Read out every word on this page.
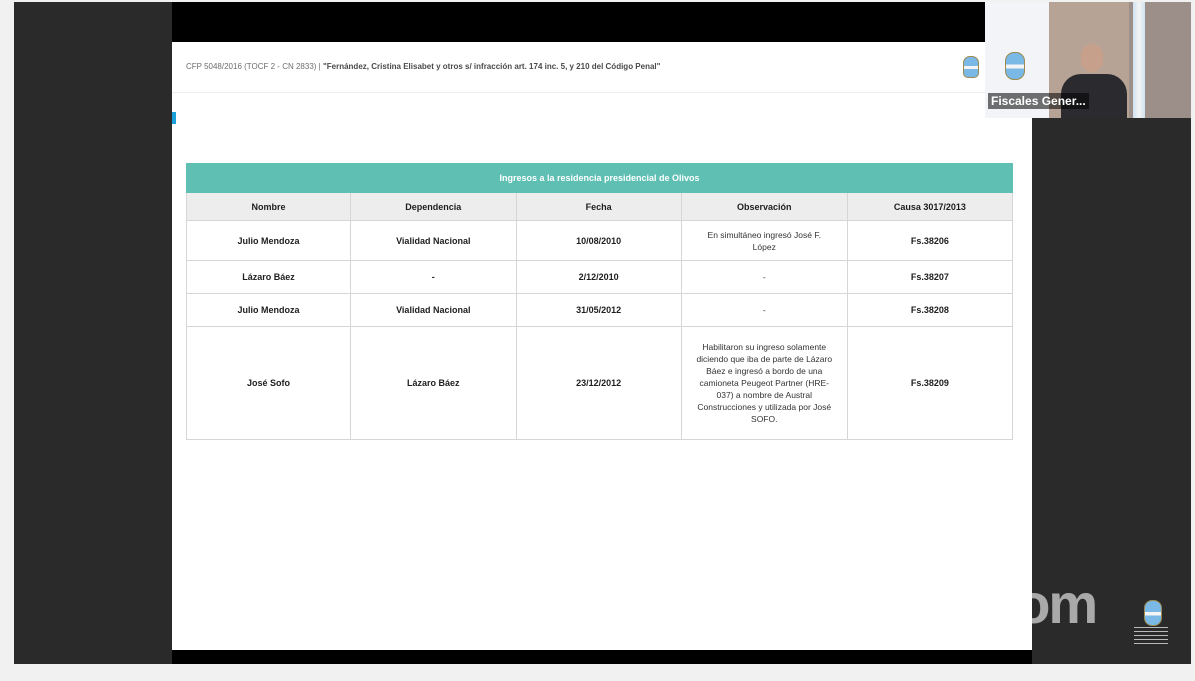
CFP 5048/2016 (TOCF 2 - CN 2833) | "Fernández, Cristina Elisabet y otros s/ infracción art. 174 inc. 5, y 210 del Código Penal"
Ingresos a la residencia presidencial de Olivos				
Nombre	Dependencia	Fecha	Observación	Causa 3017/2013
Julio Mendoza	Vialidad Nacional	10/08/2010	En simultáneo ingresó José F. López	Fs.38206
Lázaro Báez	-	2/12/2010	-	Fs.38207
Julio Mendoza	Vialidad Nacional	31/05/2012	-	Fs.38208
José Sofo	Lázaro Báez	23/12/2012	Habilitaron su ingreso solamente diciendo que iba de parte de Lázaro Báez e ingresó a bordo de una camioneta Peugeot Partner (HRE-037) a nombre de Austral Construcciones y utilizada por José SOFO.	Fs.38209
Fiscales Gener...
zoom
